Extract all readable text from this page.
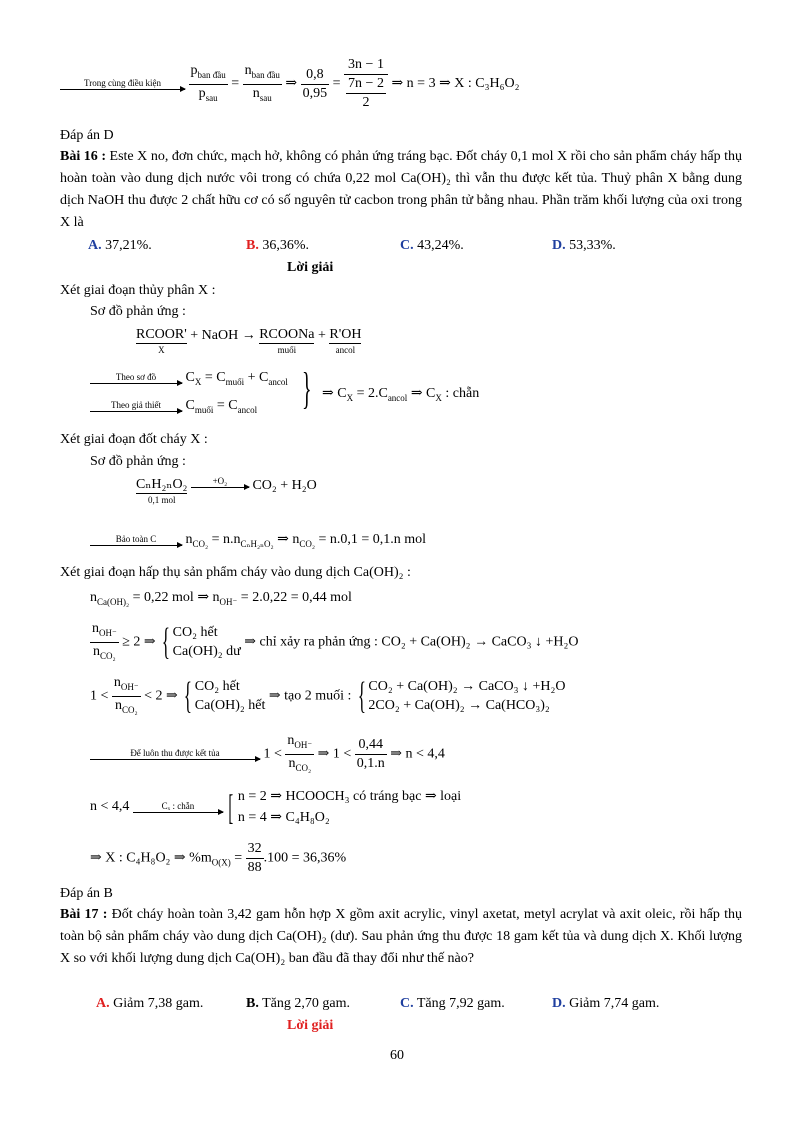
Trong cùng điều kiện
	$\frac{p_{ban đầu}}{p_{sau}} = \frac{n_{ban đầu}}{n_{sau}}$ ⇒ $\frac{0,8}{0,95} = \frac{3n - 1}{\frac{7n - 2}{2}}$ ⇒ n = 3 ⇒ X : C₃H₆O₂
Đáp án D
Bài 16 : Este X no, đơn chức, mạch hở, không có phản ứng tráng bạc. Đốt cháy 0,1 mol X rồi cho sản phẩm cháy hấp thụ hoàn toàn vào dung dịch nước vôi trong có chứa 0,22 mol Ca(OH)₂ thì vẫn thu được kết tủa. Thuỷ phân X bằng dung dịch NaOH thu được 2 chất hữu cơ có số nguyên tử cacbon trong phân tử bằng nhau. Phần trăm khối lượng của oxi trong X là
A. 37,21%.	B. 36,36%.	C. 43,24%.	D. 53,33%.
Lời giải
Xét giai đoạn thủy phân X :
Sơ đồ phản ứng :
RCOOR'
X
+ NaOH → RCOONa
muối
+ R'OH
ancol
Theo sơ đồ	$C_X = C_{muối} + C_{ancol}$
Theo giả thiết	$C_{muối} = C_{ancol}$ } ⇒ $C_X = 2.C_{ancol}$ ⇒ $C_X$ : chẵn
Xét giai đoạn đốt cháy X :
Sơ đồ phản ứng :
CₙH₂ₙO₂
0,1 mol

+O₂	CO₂ + H₂O
Bảo toàn C	$n_{CO_2} = n.n_{C_nH_{2n}O_2}$ ⇒ $n_{CO_2} = n.0,1 = 0,1.n$ mol
Xét giai đoạn hấp thụ sản phẩm cháy vào dung dịch Ca(OH)₂ :
$n_{Ca(OH)_2} = 0,22$ mol ⇒ $n_{OH^-} = 2.0,22 = 0,44$ mol
$\frac{n_{OH^-}}{n_{CO_2}} \ge 2$ ⇒ { CO₂ hết
Ca(OH)₂ dư
⇒ chỉ xảy ra phản ứng : CO₂ + Ca(OH)₂ → CaCO₃ ↓ +H₂O
$1 < \frac{n_{OH^-}}{n_{CO_2}} < 2$ ⇒ { CO₂ hết
Ca(OH)₂ hết
⇒ tạo 2 muối : { CO₂ + Ca(OH)₂ → CaCO₃ ↓ +H₂O
2CO₂ + Ca(OH)₂ → Ca(HCO₃)₂
Để luôn thu được kết tủa	$1 < \frac{n_{OH^-}}{n_{CO_2}}$ ⇒ $1 < \frac{0,44}{0,1.n}$ ⇒ n < 4,4
n < 4,4	Cₓ : chẵn [ n = 2 ⇒ HCOOCH₃ có tráng bạc ⇒ loại
n = 4 ⇒ C₄H₈O₂
⇒ X : C₄H₈O₂ ⇒ $\%m_{O(X)} = \frac{32}{88} .100 = 36,36\%$
Đáp án B
Bài 17 : Đốt cháy hoàn toàn 3,42 gam hỗn hợp X gồm axit acrylic, vinyl axetat, metyl acrylat và axit oleic, rồi hấp thụ toàn bộ sản phẩm cháy vào dung dịch Ca(OH)₂ (dư). Sau phản ứng thu được 18 gam kết tủa và dung dịch X. Khối lượng X so với khối lượng dung dịch Ca(OH)₂ ban đầu đã thay đổi như thế nào?
A. Giảm 7,38 gam.	B. Tăng 2,70 gam.	C. Tăng 7,92 gam.	D. Giảm 7,74 gam.
Lời giải
60
